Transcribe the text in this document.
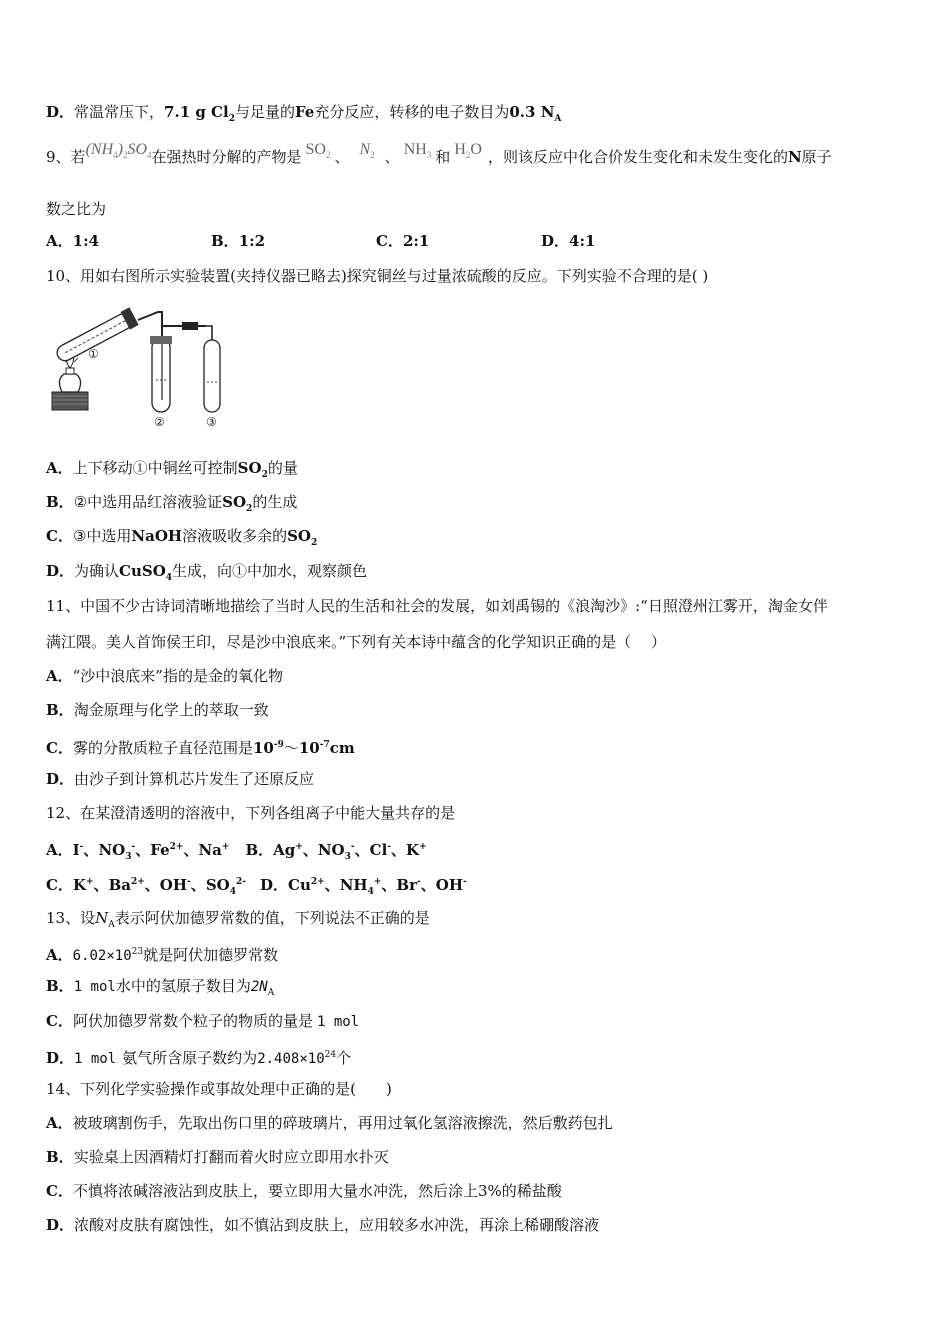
D．常温常压下，7.1 g $Cl_2$与足量的Fe充分反应，转移的电子数目为0.3 $N_A$
9、若$(NH_4)_2SO_4$在强热时分解的产物是 $SO_2$ 、 $N_2$ 、 $NH_3$ 和 $H_2O$ ，则该反应中化合价发生变化和未发生变化的N原子
数之比为
A．1:4	B．1:2	C．2:1	D．4:1
10、用如右图所示实验装置(夹持仪器已略去)探究铜丝与过量浓硫酸的反应。下列实验不合理的是( )
①
②	③
A．上下移动①中铜丝可控制$SO_2$的量
B．②中选用品红溶液验证$SO_2$的生成
C．③中选用NaOH溶液吸收多余的$SO_2$
D．为确认CuSO$_4$生成，向①中加水，观察颜色
11、中国不少古诗词清晰地描绘了当时人民的生活和社会的发展，如刘禹锡的《浪淘沙》:“日照澄州江雾开，淘金女伴
满江隈。美人首饰侯王印，尽是沙中浪底来。”下列有关本诗中蕴含的化学知识正确的是（　 ）
A．“沙中浪底来”指的是金的氧化物
B．淘金原理与化学上的萃取一致
C．雾的分散质粒子直径范围是$10^{-9}\sim 10^{-7}cm$
D．由沙子到计算机芯片发生了还原反应
12、在某澄清透明的溶液中，下列各组离子中能大量共存的是
A．I-、$NO_3^-$、$Fe^{2+}$、Na+ B．Ag+、$NO_3^-$、Cl-、K+
C．K+、$Ba^{2+}$、OH-、$SO_4^{2-}$ D．$Cu^{2+}$、$NH_4^+$、Br-、OH-
13、设$N_A$表示阿伏加德罗常数的值，下列说法不正确的是
A．$6.02\times 10^{23}$就是阿伏加德罗常数
B．1 mol水中的氢原子数目为$2N_A$
C．阿伏加德罗常数个粒子的物质的量是 1 mol
D．1 mol 氨气所含原子数约为$2.408\times 10^{24}$个
14、下列化学实验操作或事故处理中正确的是(　　)
A．被玻璃割伤手，先取出伤口里的碎玻璃片，再用过氧化氢溶液擦洗，然后敷药包扎
B．实验桌上因酒精灯打翻而着火时应立即用水扑灭
C．不慎将浓碱溶液沾到皮肤上，要立即用大量水冲洗，然后涂上3%的稀盐酸
D．浓酸对皮肤有腐蚀性，如不慎沾到皮肤上，应用较多水冲洗，再涂上稀硼酸溶液
